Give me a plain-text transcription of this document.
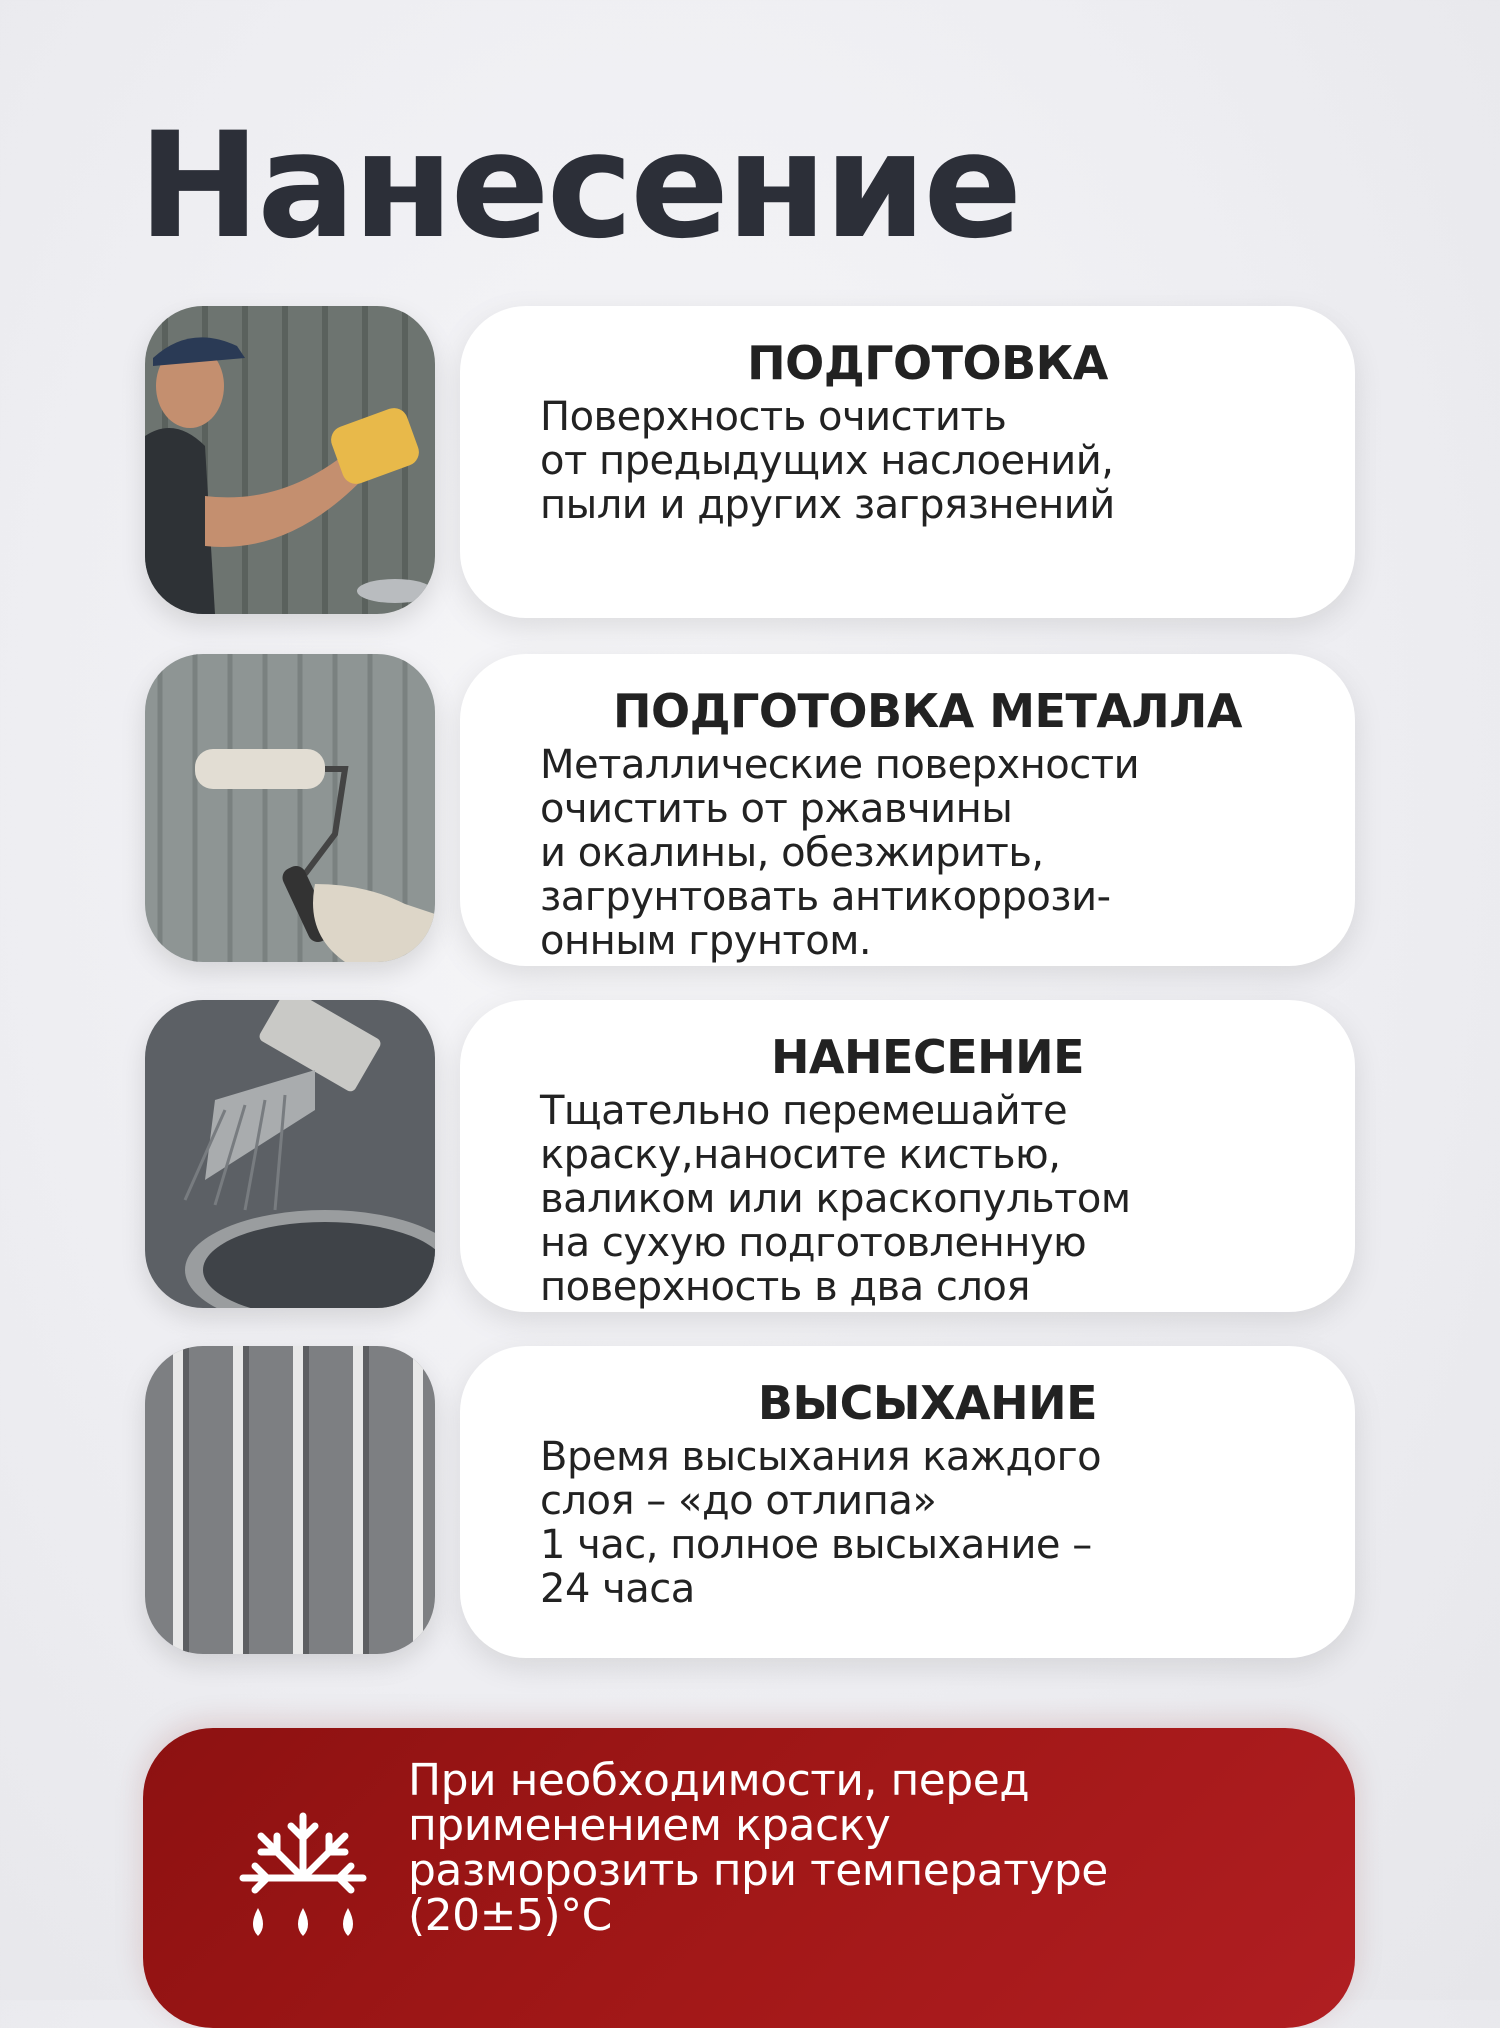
Нанесение
ПОДГОТОВКА

Поверхность очистить
от предыдущих наслоений,
пыли и других загрязнений

ПОДГОТОВКА МЕТАЛЛА

Металлические поверхности
очистить от ржавчины
и окалины, обезжирить,
загрунтовать антикоррози-
онным грунтом.

НАНЕСЕНИЕ

Тщательно перемешайте
краску,наносите кистью,
валиком или краскопультом
на сухую подготовленную
поверхность в два слоя

ВЫСЫХАНИЕ

Время высыхания каждого
слоя – «до отлипа»
1 час, полное высыхание –
24 часа

При необходимости, перед
применением краску
разморозить при температуре
(20±5)°C
